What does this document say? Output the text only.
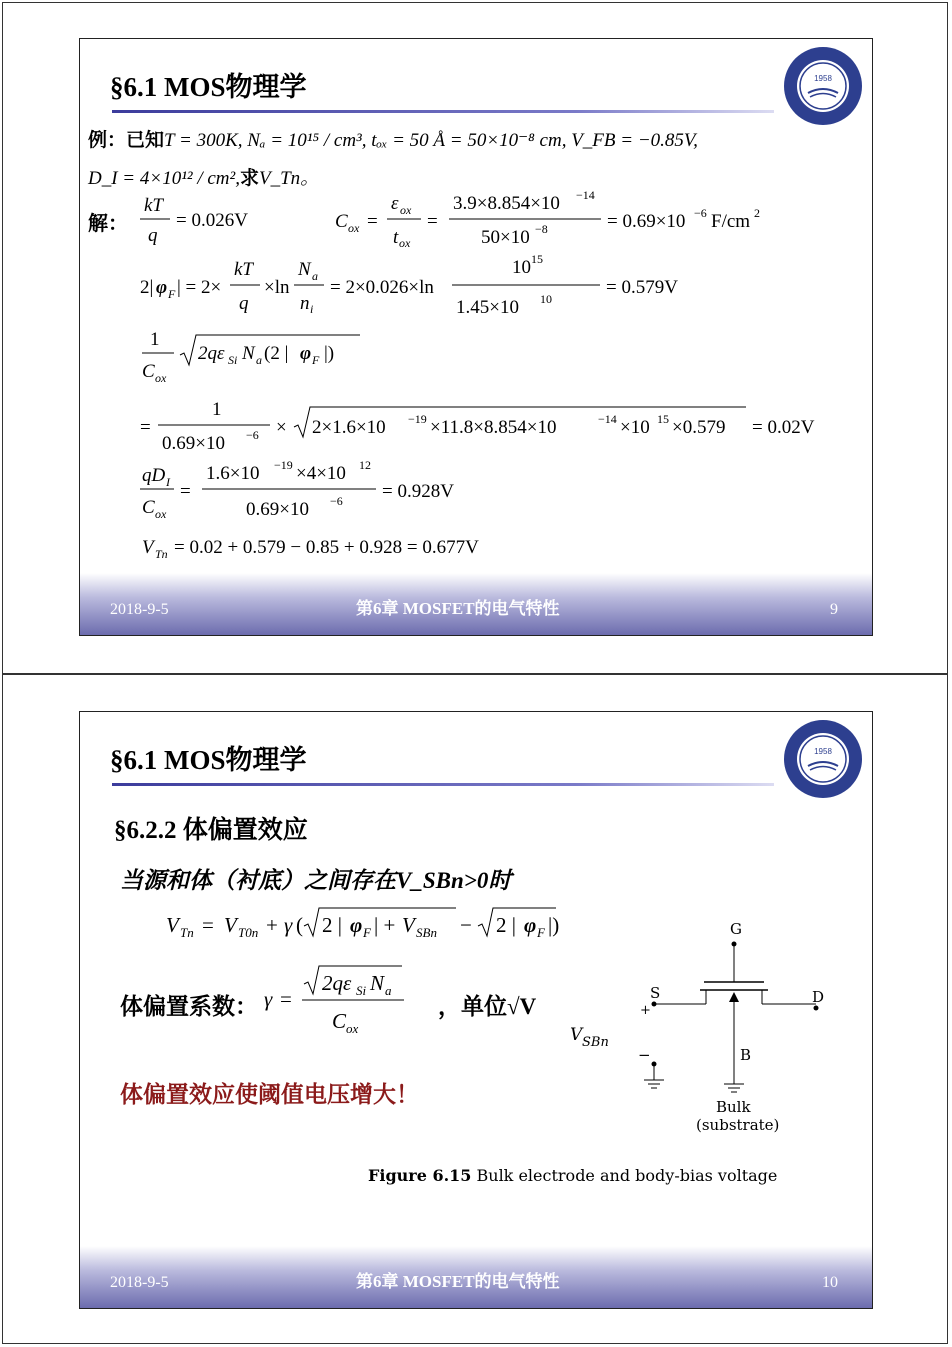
§6.1 MOS物理学	1958
例：已知T = 300K, Nₐ = 10¹⁵ / cm³, tₒₓ = 50 Å = 50×10⁻⁸ cm, V_FB = −0.85V,
D_I = 4×10¹² / cm²,求V_Tn。
解：
kT
q
= 0.026V	C ox =
ε ox
t ox
=
3.9×8.854×10 −14
50×10 −8	= 0.69×10 −6 F/cm 2
2| φ F | = 2×
kT
q
×ln
N a
n i
= 2×0.026×ln
10 15
1.45×10 10
= 0.579V
1
C ox
2qε Si N a (2 | φ F |)
=
1
0.69×10 −6 × 2×1.6×10 −19 ×11.8×8.854×10	−14 ×10 15 ×0.579 = 0.02V
qD I
C ox
=
1.6×10 −19 ×4×10 12
0.69×10 −6 = 0.928V
V Tn = 0.02 + 0.579 − 0.85 + 0.928 = 0.677V
2018-9-5	第6章 MOSFET的电气特性	9
§6.1 MOS物理学	1958
§6.2.2 体偏置效应
当源和体（衬底）之间存在V_SBn>0时
V Tn = V T0n + γ ( 2 | φ F | + V SBn − 2 | φ F |)
体偏置系数： γ =
2qε Si N a
C ox
，单位√V
体偏置效应使阈值电压增大！
G
S	D
B
Bulk
(substrate)
+
V SBn
−
Figure 6.15 Bulk electrode and body-bias voltage
2018-9-5	第6章 MOSFET的电气特性	10
